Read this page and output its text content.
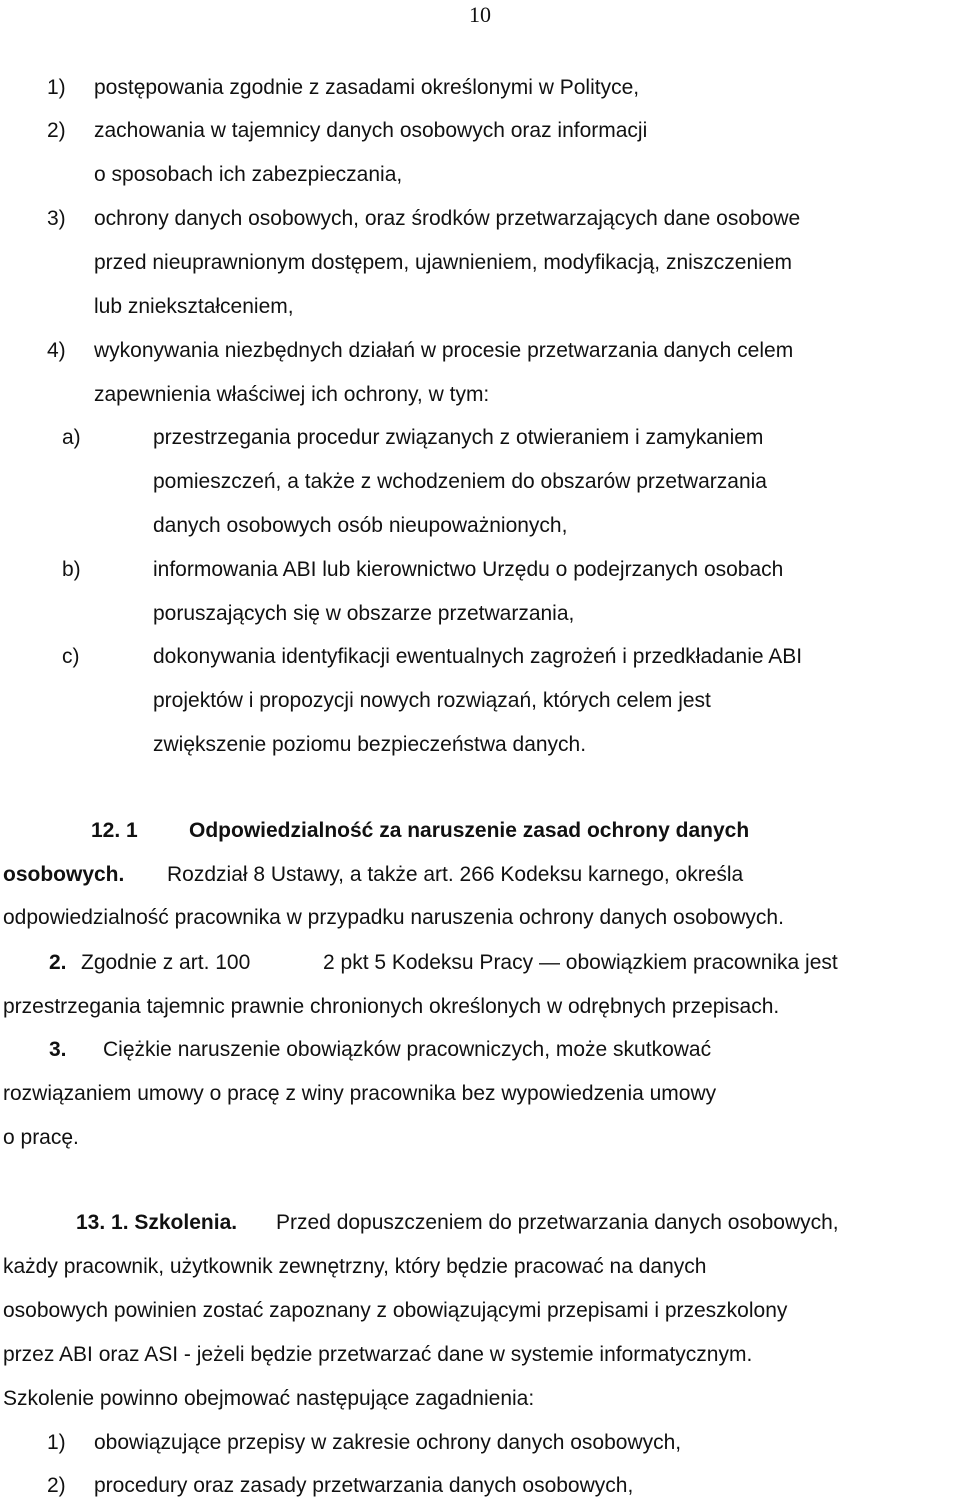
10
1) postępowania zgodnie z zasadami określonymi w Polityce,
2) zachowania w tajemnicy danych osobowych oraz informacji
o sposobach ich zabezpieczania,
3) ochrony danych osobowych, oraz środków przetwarzających dane osobowe
przed nieuprawnionym dostępem, ujawnieniem, modyfikacją, zniszczeniem
lub zniekształceniem,
4) wykonywania niezbędnych działań w procesie przetwarzania danych celem
zapewnienia właściwej ich ochrony, w tym:
a)	przestrzegania procedur związanych z otwieraniem i zamykaniem
pomieszczeń, a także z wchodzeniem do obszarów przetwarzania
danych osobowych osób nieupoważnionych,
b)	informowania ABI lub kierownictwo Urzędu o podejrzanych osobach
poruszających się w obszarze przetwarzania,
c)	dokonywania identyfikacji ewentualnych zagrożeń i przedkładanie ABI
projektów i propozycji nowych rozwiązań, których celem jest
zwiększenie poziomu bezpieczeństwa danych.
12. 1 Odpowiedzialność za naruszenie zasad ochrony danych
osobowych. Rozdział 8 Ustawy, a także art. 266 Kodeksu karnego, określa
odpowiedzialność pracownika w przypadku naruszenia ochrony danych osobowych.
2. Zgodnie z art. 100	2 pkt 5 Kodeksu Pracy — obowiązkiem pracownika jest
przestrzegania tajemnic prawnie chronionych określonych w odrębnych przepisach.
3. Ciężkie naruszenie obowiązków pracowniczych, może skutkować
rozwiązaniem umowy o pracę z winy pracownika bez wypowiedzenia umowy
o pracę.
13. 1. Szkolenia. Przed dopuszczeniem do przetwarzania danych osobowych,
każdy pracownik, użytkownik zewnętrzny, który będzie pracować na danych
osobowych powinien zostać zapoznany z obowiązującymi przepisami i przeszkolony
przez ABI oraz ASI - jeżeli będzie przetwarzać dane w systemie informatycznym.
Szkolenie powinno obejmować następujące zagadnienia:
1) obowiązujące przepisy w zakresie ochrony danych osobowych,
2) procedury oraz zasady przetwarzania danych osobowych,
